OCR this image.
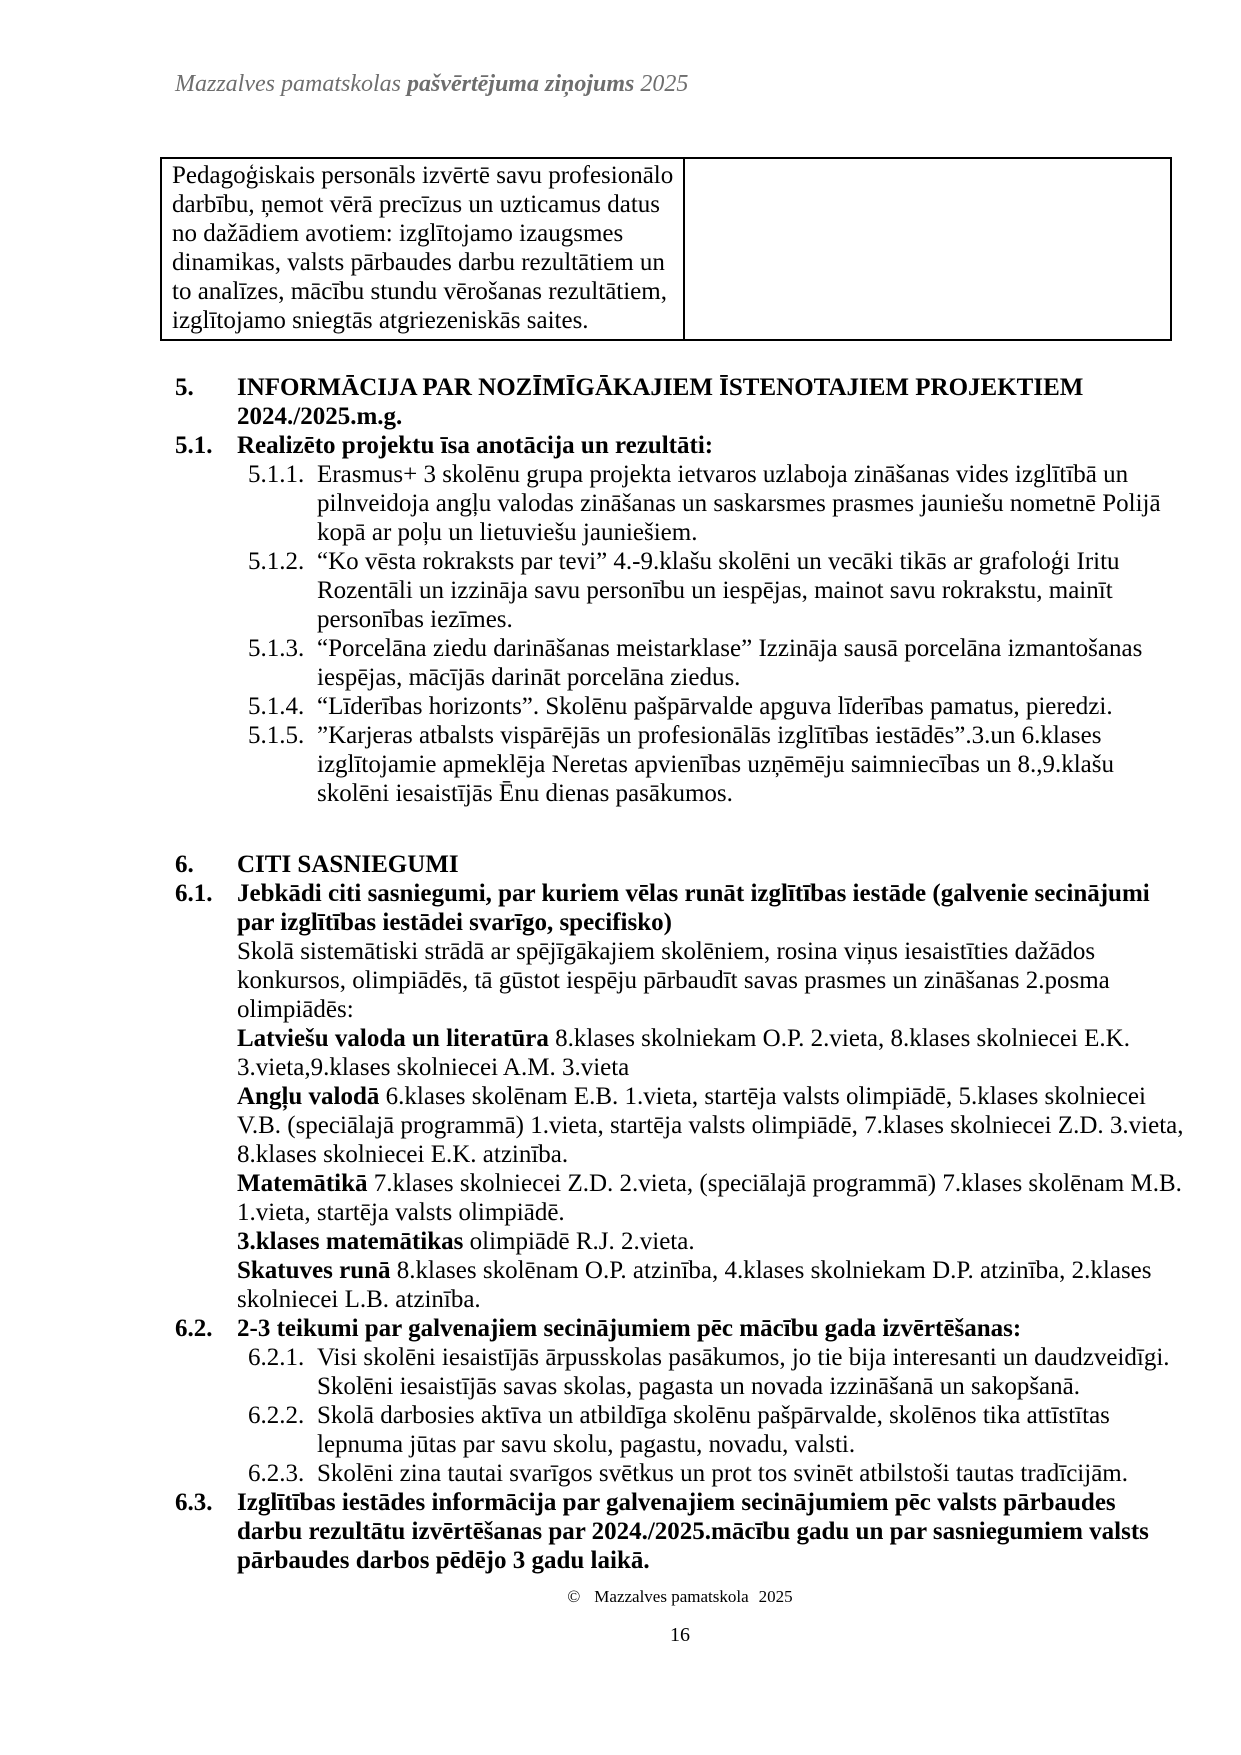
Mazzalves pamatskolas pašvērtējuma ziņojums 2025
Pedagoģiskais personāls izvērtē savu profesionālo darbību, ņemot vērā precīzus un uzticamus datus no dažādiem avotiem: izglītojamo izaugsmes dinamikas, valsts pārbaudes darbu rezultātiem un to analīzes, mācību stundu vērošanas rezultātiem, izglītojamo sniegtās atgriezeniskās saites.	
5.	INFORMĀCIJA PAR NOZĪMĪGĀKAJIEM ĪSTENOTAJIEM PROJEKTIEM 2024./2025.m.g.
5.1. Realizēto projektu īsa anotācija un rezultāti:
5.1.1. Erasmus+ 3 skolēnu grupa projekta ietvaros uzlaboja zināšanas vides izglītībā un pilnveidoja angļu valodas zināšanas un saskarsmes prasmes jauniešu nometnē Polijā kopā ar poļu un lietuviešu jauniešiem.
5.1.2. “Ko vēsta rokraksts par tevi” 4.-9.klašu skolēni un vecāki tikās ar grafoloģi Iritu Rozentāli un izzināja savu personību un iespējas, mainot savu rokrakstu, mainīt personības iezīmes.
5.1.3. “Porcelāna ziedu darināšanas meistarklase” Izzināja sausā porcelāna izmantošanas iespējas, mācījās darināt porcelāna ziedus.
5.1.4. “Līderības horizonts”. Skolēnu pašpārvalde apguva līderības pamatus, pieredzi.
5.1.5. ”Karjeras atbalsts vispārējās un profesionālās izglītības iestādēs”.3.un 6.klases izglītojamie apmeklēja Neretas apvienības uzņēmēju saimniecības un 8.,9.klašu skolēni iesaistījās Ēnu dienas pasākumos.
6.	CITI SASNIEGUMI
6.1. Jebkādi citi sasniegumi, par kuriem vēlas runāt izglītības iestāde (galvenie secinājumi par izglītības iestādei svarīgo, specifisko)

Skolā sistemātiski strādā ar spējīgākajiem skolēniem, rosina viņus iesaistīties dažādos konkursos, olimpiādēs, tā gūstot iespēju pārbaudīt savas prasmes un zināšanas 2.posma olimpiādēs:

Latviešu valoda un literatūra 8.klases skolniekam O.P. 2.vieta, 8.klases skolniecei E.K. 3.vieta,9.klases skolniecei A.M. 3.vieta

Angļu valodā 6.klases skolēnam E.B. 1.vieta, startēja valsts olimpiādē, 5.klases skolniecei V.B. (speciālajā programmā) 1.vieta, startēja valsts olimpiādē, 7.klases skolniecei Z.D. 3.vieta, 8.klases skolniecei E.K. atzinība.

Matemātikā 7.klases skolniecei Z.D. 2.vieta, (speciālajā programmā) 7.klases skolēnam M.B. 1.vieta, startēja valsts olimpiādē.

3.klases matemātikas olimpiādē R.J. 2.vieta.

Skatuves runā 8.klases skolēnam O.P. atzinība, 4.klases skolniekam D.P. atzinība, 2.klases skolniecei L.B. atzinība.

6.2. 2-3 teikumi par galvenajiem secinājumiem pēc mācību gada izvērtēšanas:
6.2.1. Visi skolēni iesaistījās ārpusskolas pasākumos, jo tie bija interesanti un daudzveidīgi. Skolēni iesaistījās savas skolas, pagasta un novada izzināšanā un sakopšanā.
6.2.2. Skolā darbosies aktīva un atbildīga skolēnu pašpārvalde, skolēnos tika attīstītas lepnuma jūtas par savu skolu, pagastu, novadu, valsti.
6.2.3. Skolēni zina tautai svarīgos svētkus un prot tos svinēt atbilstoši tautas tradīcijām.
6.3. Izglītības iestādes informācija par galvenajiem secinājumiem pēc valsts pārbaudes darbu rezultātu izvērtēšanas par 2024./2025.mācību gadu un par sasniegumiem valsts pārbaudes darbos pēdējo 3 gadu laikā.
© Mazzalves pamatskola 2025
16
